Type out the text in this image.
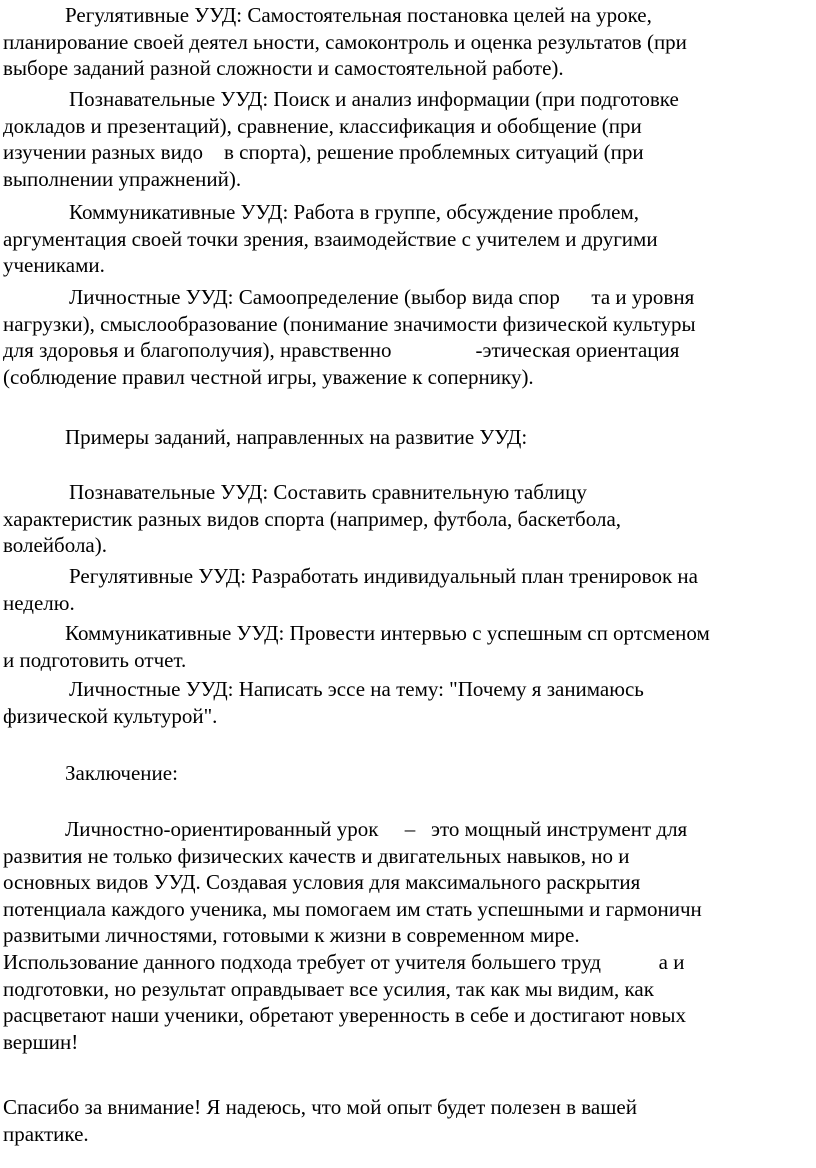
Регулятивные УУД: Самостоятельная постановка целей на уроке,
планирование своей деятел ьности, самоконтроль и оценка результатов (при
выборе заданий разной сложности и самостоятельной работе).
Познавательные УУД: Поиск и анализ информации (при подготовке
докладов и презентаций), сравнение, классификация и обобщение (при
изучении разных видо    в спорта), решение проблемных ситуаций (при
выполнении упражнений).
Коммуникативные УУД: Работа в группе, обсуждение проблем,
аргументация своей точки зрения, взаимодействие с учителем и другими
учениками.
Личностные УУД: Самоопределение (выбор вида спор      та и уровня
нагрузки), смыслообразование (понимание значимости физической культуры
для здоровья и благополучия), нравственно                -этическая ориентация
(соблюдение правил честной игры, уважение к сопернику).
Примеры заданий, направленных на развитие УУД:
Познавательные УУД: Составить сравнительную таблицу
характеристик разных видов спорта (например, футбола, баскетбола,
волейбола).
Регулятивные УУД: Разработать индивидуальный план тренировок на
неделю.
Коммуникативные УУД: Провести интервью с успешным сп ортсменом
и подготовить отчет.
Личностные УУД: Написать эссе на тему: "Почему я занимаюсь
физической культурой".
Заключение:
Личностно-ориентированный урок     –   это мощный инструмент для
развития не только физических качеств и двигательных навыков, но и
основных видов УУД. Создавая условия для максимального раскрытия
потенциала каждого ученика, мы помогаем им стать успешными и гармоничн
развитыми личностями, готовыми к жизни в современном мире.
Использование данного подхода требует от учителя большего труд           а и
подготовки, но результат оправдывает все усилия, так как мы видим, как
расцветают наши ученики, обретают уверенность в себе и достигают новых
вершин!
Спасибо за внимание! Я надеюсь, что мой опыт будет полезен в вашей
практике.
